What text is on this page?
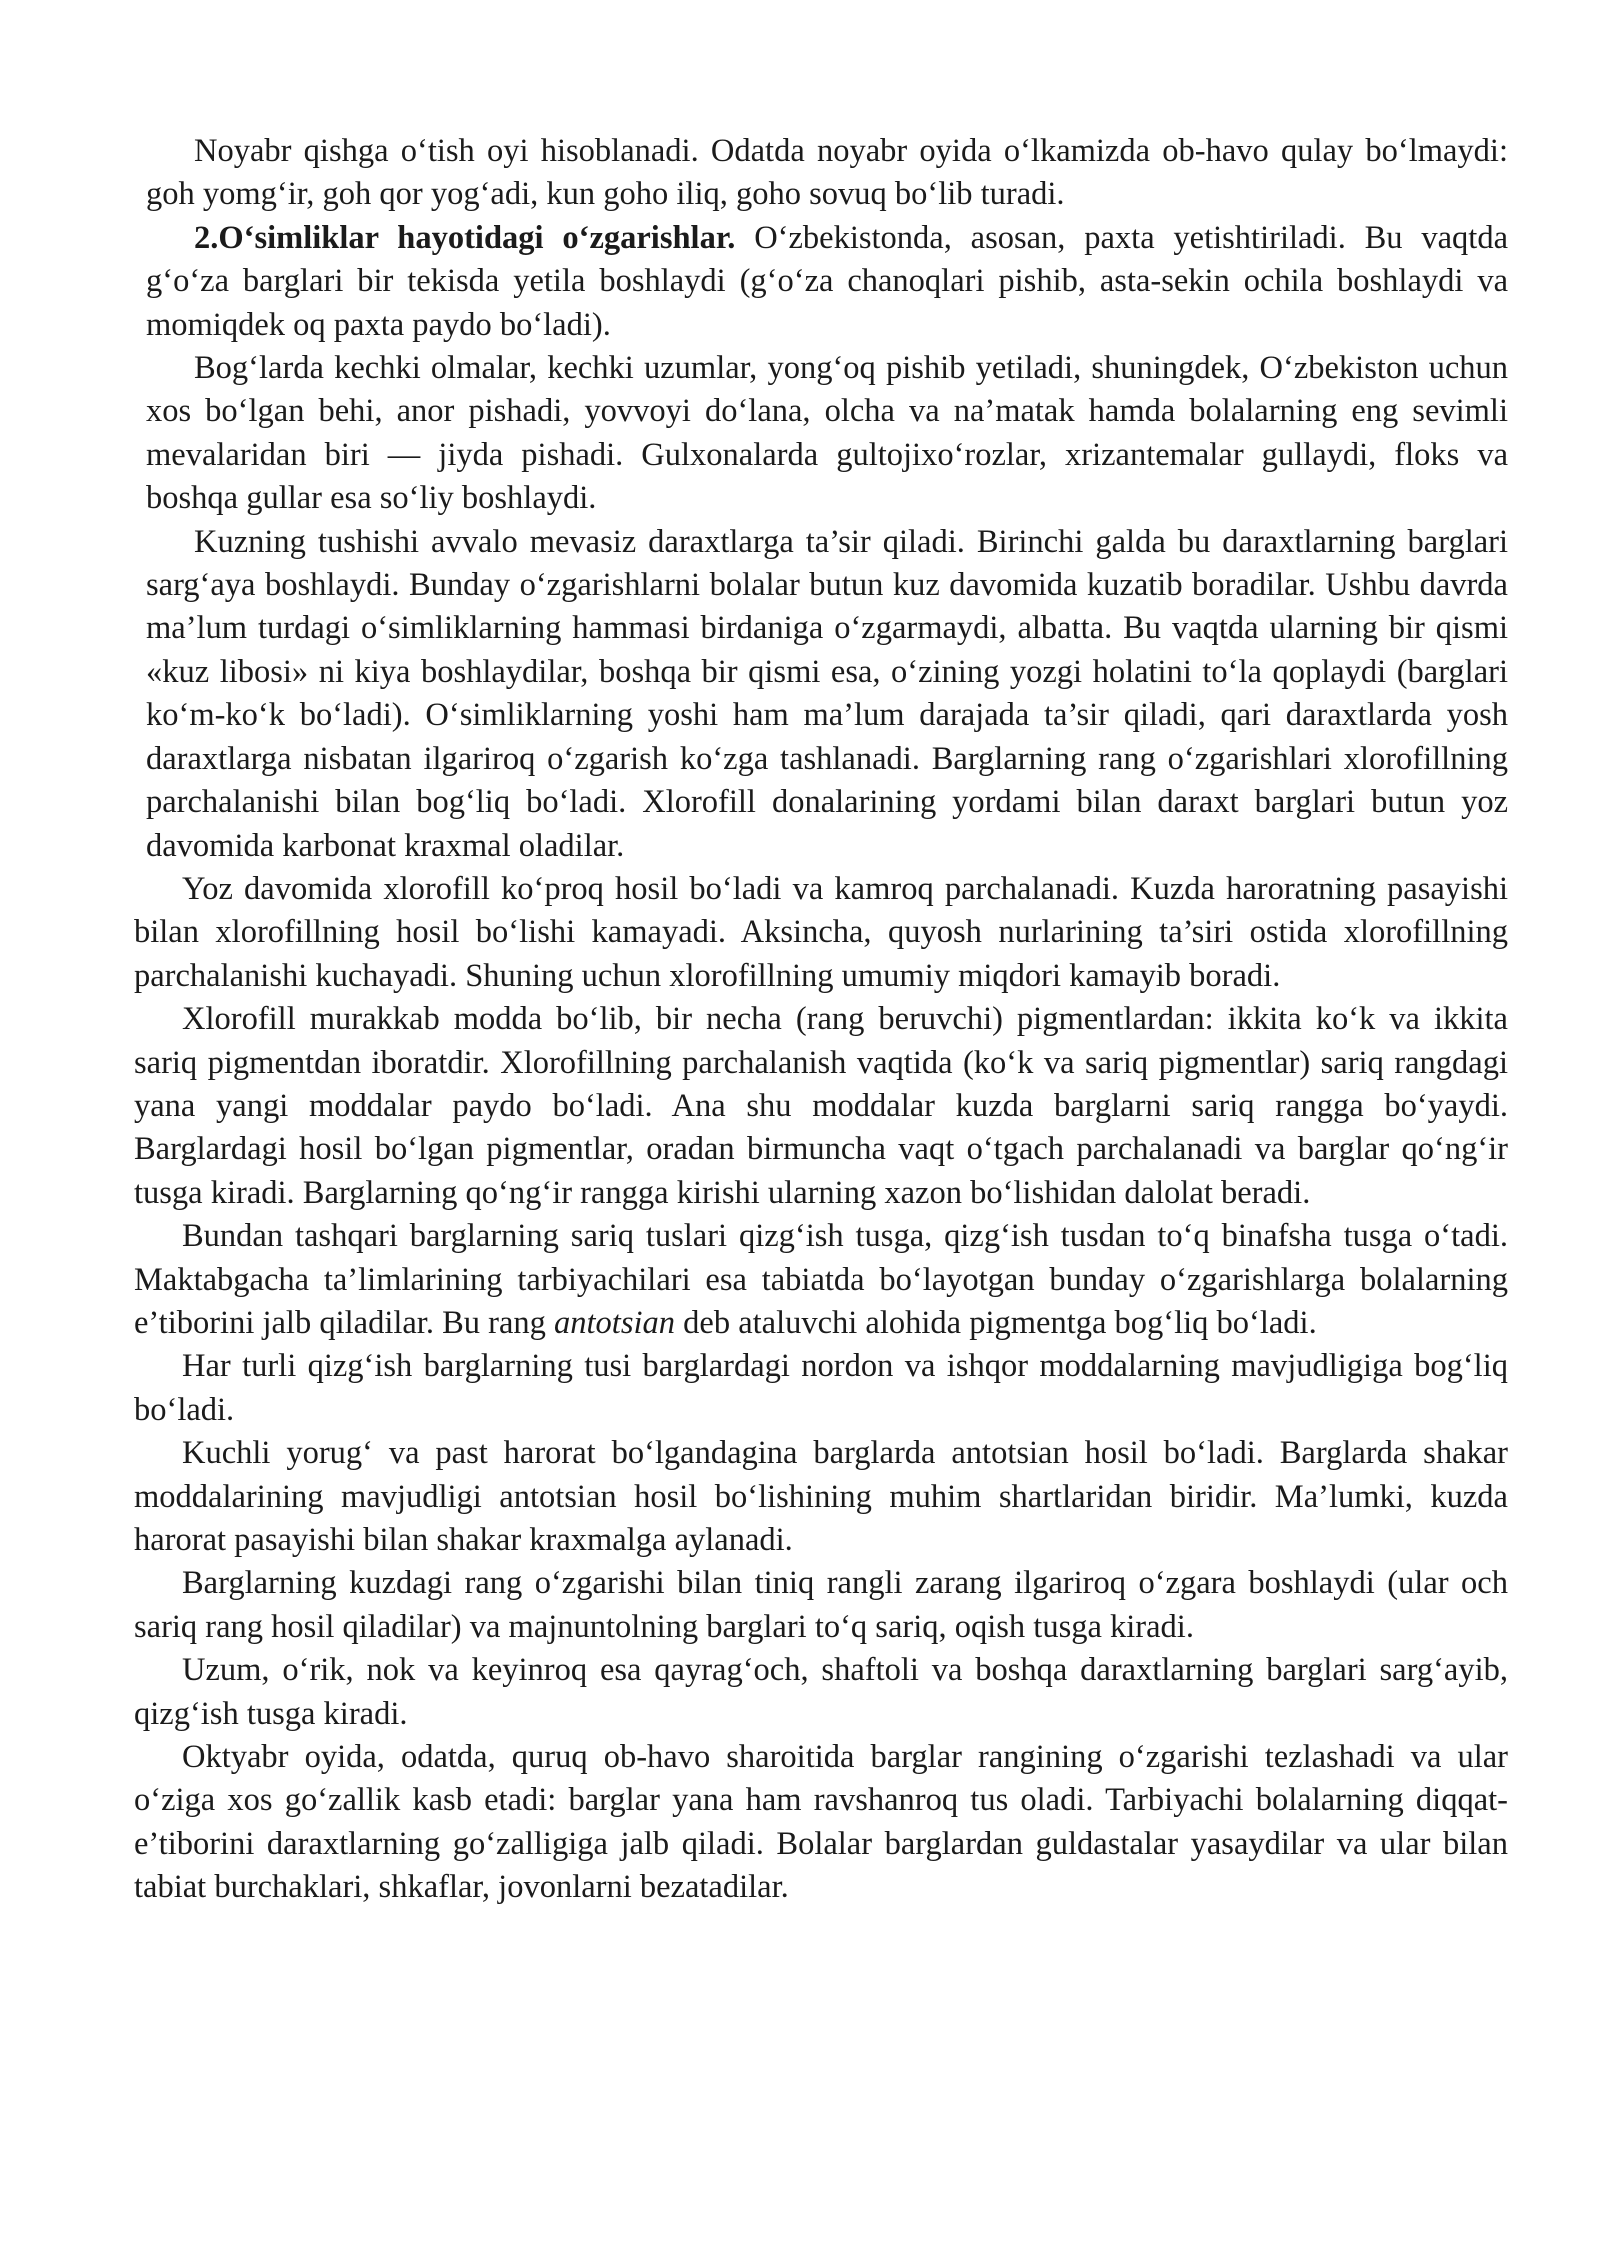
Noyabr qishga o‘tish oyi hisoblanadi. Odatda noyabr oyida o‘lkamizda ob-havo qulay bo‘lmaydi: goh yomg‘ir, goh qor yog‘adi, kun goho iliq, goho sovuq bo‘lib turadi.

2.O‘simliklar hayotidagi o‘zgarishlar. O‘zbekistonda, asosan, paxta yetishtiriladi. Bu vaqtda g‘o‘za barglari bir tekisda yetila boshlaydi (g‘o‘za chanoqlari pishib, asta-sekin ochila boshlaydi va momiqdek oq paxta paydo bo‘ladi).

Bog‘larda kechki olmalar, kechki uzumlar, yong‘oq pishib yetiladi, shuningdek, O‘zbekiston uchun xos bo‘lgan behi, anor pishadi, yovvoyi do‘lana, olcha va na’matak hamda bolalarning eng sevimli mevalaridan biri — jiyda pishadi. Gulxonalarda gultojixo‘rozlar, xrizantemalar gullaydi, floks va boshqa gullar esa so‘liy boshlaydi.

Kuzning tushishi avvalo mevasiz daraxtlarga ta’sir qiladi. Birinchi galda bu daraxtlarning barglari sarg‘aya boshlaydi. Bunday o‘zgarishlarni bolalar butun kuz davomida kuzatib boradilar. Ushbu davrda ma’lum turdagi o‘simliklarning hammasi birdaniga o‘zgarmaydi, albatta. Bu vaqtda ularning bir qismi «kuz libosi» ni kiya boshlaydilar, boshqa bir qismi esa, o‘zining yozgi holatini to‘la qoplaydi (barglari ko‘m-ko‘k bo‘ladi). O‘simliklarning yoshi ham ma’lum darajada ta’sir qiladi, qari daraxtlarda yosh daraxtlarga nisbatan ilgariroq o‘zgarish ko‘zga tashlanadi. Barglarning rang o‘zgarishlari xlorofillning parchalanishi bilan bog‘liq bo‘ladi. Xlorofill donalarining yordami bilan daraxt barglari butun yoz davomida karbonat kraxmal oladilar.

Yoz davomida xlorofill ko‘proq hosil bo‘ladi va kamroq parchalanadi. Kuzda haroratning pasayishi bilan xlorofillning hosil bo‘lishi kamayadi. Aksincha, quyosh nurlarining ta’siri ostida xlorofillning parchalanishi kuchayadi. Shuning uchun xlorofillning umumiy miqdori kamayib boradi.

Xlorofill murakkab modda bo‘lib, bir necha (rang beruvchi) pigmentlardan: ikkita ko‘k va ikkita sariq pigmentdan iboratdir. Xlorofillning parchalanish vaqtida (ko‘k va sariq pigmentlar) sariq rangdagi yana yangi moddalar paydo bo‘ladi. Ana shu moddalar kuzda barglarni sariq rangga bo‘yaydi. Barglardagi hosil bo‘lgan pigmentlar, oradan birmuncha vaqt o‘tgach parchalanadi va barglar qo‘ng‘ir tusga kiradi. Barglarning qo‘ng‘ir rangga kirishi ularning xazon bo‘lishidan dalolat beradi.

Bundan tashqari barglarning sariq tuslari qizg‘ish tusga, qizg‘ish tusdan to‘q binafsha tusga o‘tadi. Maktabgacha ta’limlarining tarbiyachilari esa tabiatda bo‘layotgan bunday o‘zgarishlarga bolalarning e’tiborini jalb qiladilar. Bu rang antotsian deb ataluvchi alohida pigmentga bog‘liq bo‘ladi.

Har turli qizg‘ish barglarning tusi barglardagi nordon va ishqor moddalarning mavjudligiga bog‘liq bo‘ladi.

Kuchli yorug‘ va past harorat bo‘lgandagina barglarda antotsian hosil bo‘ladi. Barglarda shakar moddalarining mavjudligi antotsian hosil bo‘lishining muhim shartlaridan biridir. Ma’lumki, kuzda harorat pasayishi bilan shakar kraxmalga aylanadi.

Barglarning kuzdagi rang o‘zgarishi bilan tiniq rangli zarang ilgariroq o‘zgara boshlaydi (ular och sariq rang hosil qiladilar) va majnuntolning barglari to‘q sariq, oqish tusga kiradi.

Uzum, o‘rik, nok va keyinroq esa qayrag‘och, shaftoli va boshqa daraxtlarning barglari sarg‘ayib, qizg‘ish tusga kiradi.

Oktyabr oyida, odatda, quruq ob-havo sharoitida barglar rangining o‘zgarishi tezlashadi va ular o‘ziga xos go‘zallik kasb etadi: barglar yana ham ravshanroq tus oladi. Tarbiyachi bolalarning diqqat-e’tiborini daraxtlarning go‘zalligiga jalb qiladi. Bolalar barglardan guldastalar yasaydilar va ular bilan tabiat burchaklari, shkaflar, jovonlarni bezatadilar.
